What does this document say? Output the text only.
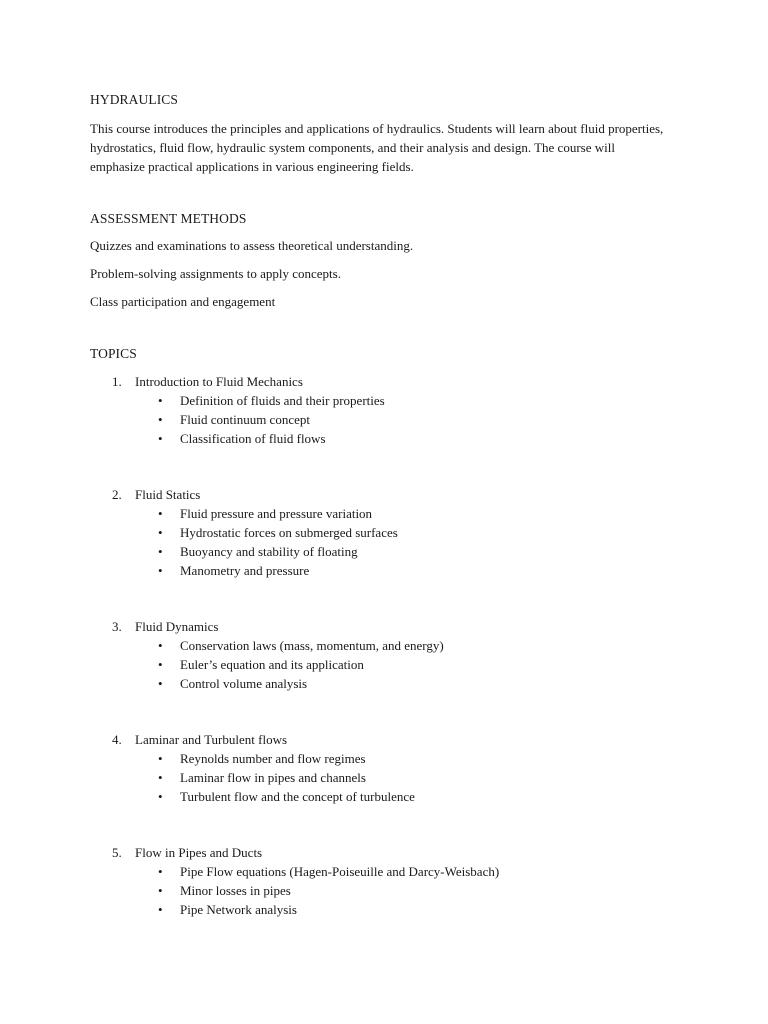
HYDRAULICS

This course introduces the principles and applications of hydraulics. Students will learn about fluid properties, hydrostatics, fluid flow, hydraulic system components, and their analysis and design. The course will emphasize practical applications in various engineering fields.

ASSESSMENT METHODS

Quizzes and examinations to assess theoretical understanding.

Problem-solving assignments to apply concepts.

Class participation and engagement

TOPICS
1. Introduction to Fluid Mechanics
• Definition of fluids and their properties
• Fluid continuum concept
• Classification of fluid flows
2. Fluid Statics
• Fluid pressure and pressure variation
• Hydrostatic forces on submerged surfaces
• Buoyancy and stability of floating
• Manometry and pressure
3. Fluid Dynamics
• Conservation laws (mass, momentum, and energy)
• Euler’s equation and its application
• Control volume analysis
4. Laminar and Turbulent flows
• Reynolds number and flow regimes
• Laminar flow in pipes and channels
• Turbulent flow and the concept of turbulence
5. Flow in Pipes and Ducts
• Pipe Flow equations (Hagen-Poiseuille and Darcy-Weisbach)
• Minor losses in pipes
• Pipe Network analysis
